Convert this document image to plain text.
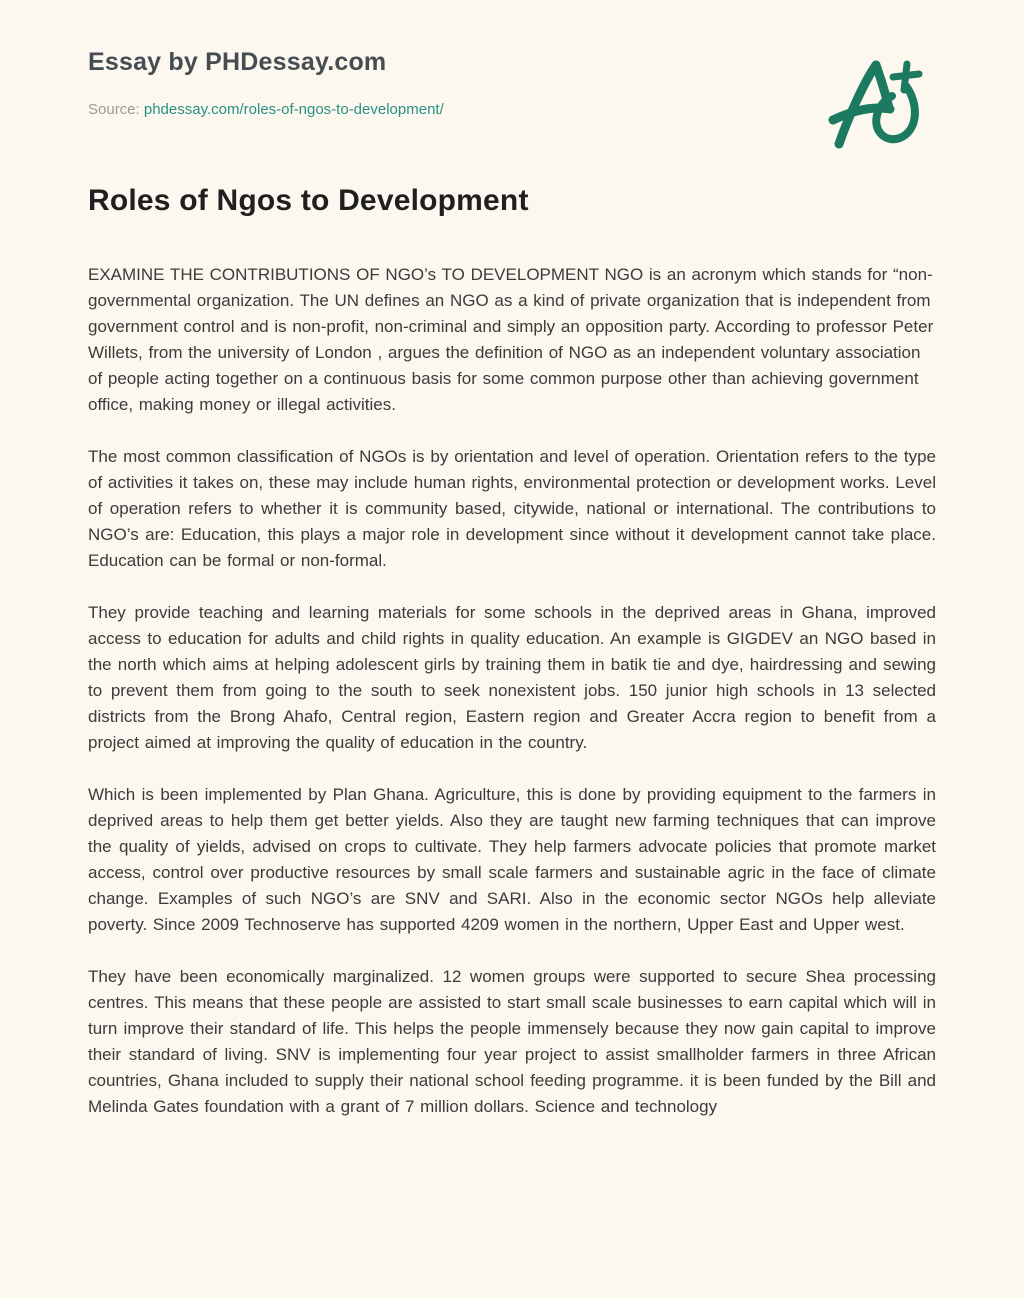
Essay by PHDessay.com

Source: phdessay.com/roles-of-ngos-to-development/

Roles of Ngos to Development

EXAMINE THE CONTRIBUTIONS OF NGO’s TO DEVELOPMENT NGO is an acronym which stands for “non-governmental organization. The UN defines an NGO as a kind of private organization that is independent from government control and is non-profit, non-criminal and simply an opposition party. According to professor Peter Willets, from the university of London , argues the definition of NGO as an independent voluntary association of people acting together on a continuous basis for some common purpose other than achieving government office, making money or illegal activities.

The most common classification of NGOs is by orientation and level of operation. Orientation refers to the type of activities it takes on, these may include human rights, environmental protection or development works. Level of operation refers to whether it is community based, citywide, national or international. The contributions to NGO’s are: Education, this plays a major role in development since without it development cannot take place. Education can be formal or non-formal.

They provide teaching and learning materials for some schools in the deprived areas in Ghana, improved access to education for adults and child rights in quality education. An example is GIGDEV an NGO based in the north which aims at helping adolescent girls by training them in batik tie and dye, hairdressing and sewing to prevent them from going to the south to seek nonexistent jobs. 150 junior high schools in 13 selected districts from the Brong Ahafo, Central region, Eastern region and Greater Accra region to benefit from a project aimed at improving the quality of education in the country.

Which is been implemented by Plan Ghana. Agriculture, this is done by providing equipment to the farmers in deprived areas to help them get better yields. Also they are taught new farming techniques that can improve the quality of yields, advised on crops to cultivate. They help farmers advocate policies that promote market access, control over productive resources by small scale farmers and sustainable agric in the face of climate change. Examples of such NGO’s are SNV and SARI. Also in the economic sector NGOs help alleviate poverty. Since 2009 Technoserve has supported 4209 women in the northern, Upper East and Upper west.

They have been economically marginalized. 12 women groups were supported to secure Shea processing centres. This means that these people are assisted to start small scale businesses to earn capital which will in turn improve their standard of life. This helps the people immensely because they now gain capital to improve their standard of living. SNV is implementing four year project to assist smallholder farmers in three African countries, Ghana included to supply their national school feeding programme. it is been funded by the Bill and Melinda Gates foundation with a grant of 7 million dollars. Science and technology
